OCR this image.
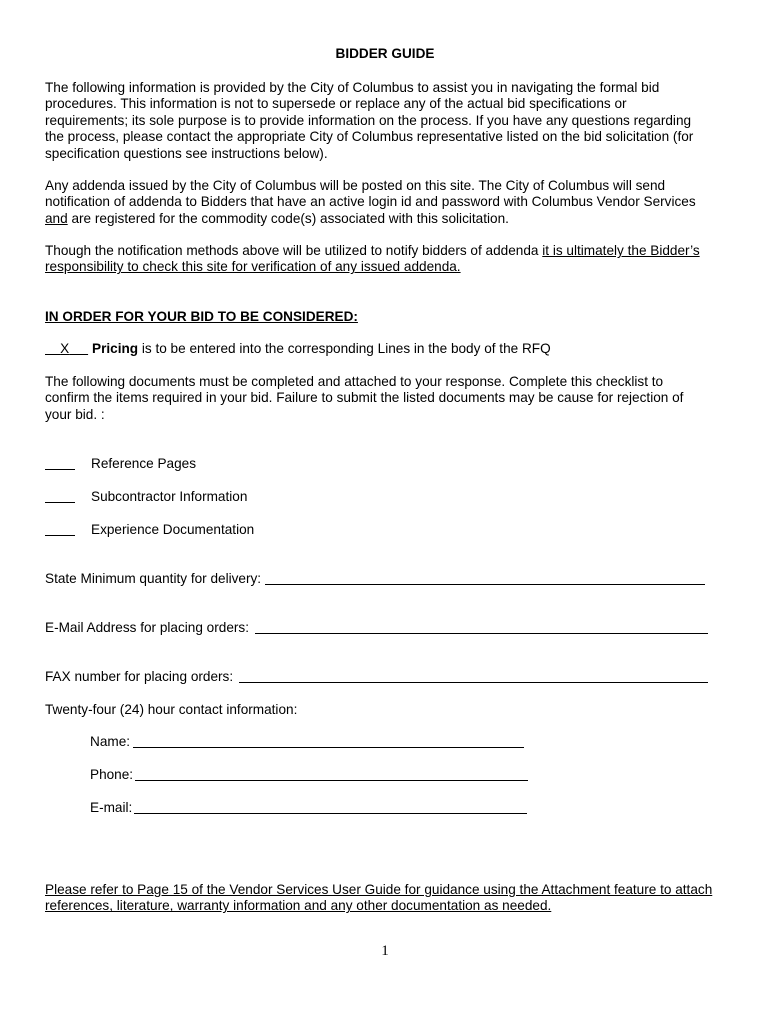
BIDDER GUIDE
The following information is provided by the City of Columbus to assist you in navigating the formal bid
procedures. This information is not to supersede or replace any of the actual bid specifications or
requirements; its sole purpose is to provide information on the process. If you have any questions regarding
the process, please contact the appropriate City of Columbus representative listed on the bid solicitation (for
specification questions see instructions below).
Any addenda issued by the City of Columbus will be posted on this site. The City of Columbus will send
notification of addenda to Bidders that have an active login id and password with Columbus Vendor Services
and are registered for the commodity code(s) associated with this solicitation.
Though the notification methods above will be utilized to notify bidders of addenda it is ultimately the Bidder’s
responsibility to check this site for verification of any issued addenda.
IN ORDER FOR YOUR BID TO BE CONSIDERED:
X Pricing is to be entered into the corresponding Lines in the body of the RFQ
The following documents must be completed and attached to your response. Complete this checklist to
confirm the items required in your bid. Failure to submit the listed documents may be cause for rejection of
your bid. :
Reference Pages
Subcontractor Information
Experience Documentation
State Minimum quantity for delivery:
E-Mail Address for placing orders:
FAX number for placing orders:
Twenty-four (24) hour contact information:
Name:
Phone:
E-mail:
Please refer to Page 15 of the Vendor Services User Guide for guidance using the Attachment feature to attach
references, literature, warranty information and any other documentation as needed.
1
